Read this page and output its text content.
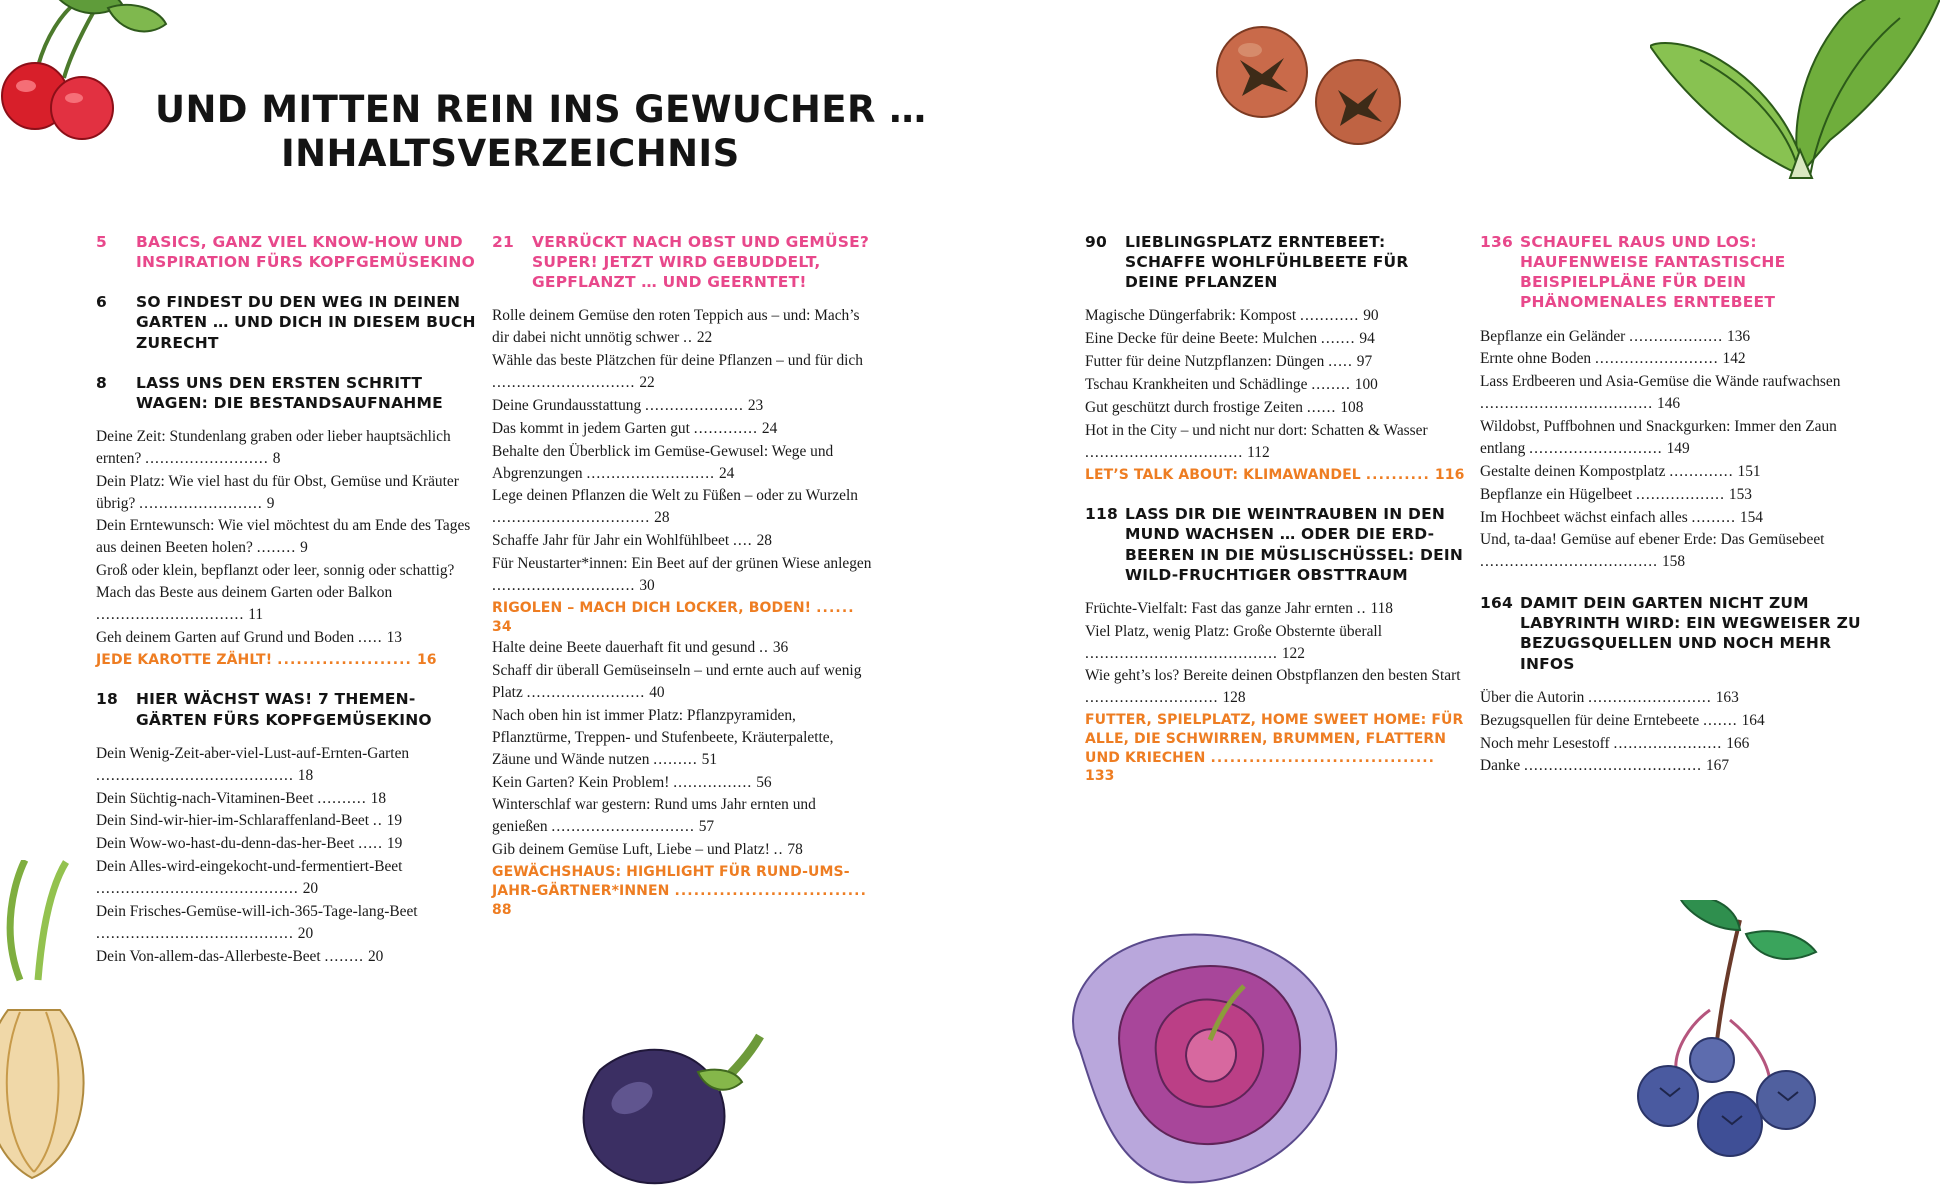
UND MITTEN REIN INS GEWUCHER …
INHALTSVERZEICHNIS
5	BASICS, GANZ VIEL KNOW-HOW UND INSPIRATION FÜRS KOPFGEMÜSEKINO
6	SO FINDEST DU DEN WEG IN DEINEN GARTEN … UND DICH IN DIESEM BUCH ZURECHT
8	LASS UNS DEN ERSTEN SCHRITT WAGEN: DIE BESTANDSAUFNAHME
Deine Zeit: Stundenlang graben oder lieber hauptsächlich ernten? ......................... 8
Dein Platz: Wie viel hast du für Obst, Gemüse und Kräuter übrig? ......................... 9
Dein Erntewunsch: Wie viel möchtest du am Ende des Tages aus deinen Beeten holen? ........ 9
Groß oder klein, bepflanzt oder leer, sonnig oder schattig? Mach das Beste aus deinem Garten oder Balkon .............................. 11
Geh deinem Garten auf Grund und Boden ..... 13
JEDE KAROTTE ZÄHLT! ..................... 16
18	HIER WÄCHST WAS! 7 THEMEN-GÄRTEN FÜRS KOPFGEMÜSEKINO
Dein Wenig-Zeit-aber-viel-Lust-auf-Ernten-Garten ........................................ 18
Dein Süchtig-nach-Vitaminen-Beet .......... 18
Dein Sind-wir-hier-im-Schlaraffenland-Beet .. 19
Dein Wow-wo-hast-du-denn-das-her-Beet ..... 19
Dein Alles-wird-eingekocht-und-fermentiert-Beet ......................................... 20
Dein Frisches-Gemüse-will-ich-365-Tage-lang-Beet ........................................ 20
Dein Von-allem-das-Allerbeste-Beet ........ 20
21	VERRÜCKT NACH OBST UND GEMÜSE? SUPER! JETZT WIRD GEBUDDELT, GEPFLANZT … UND GEERNTET!
Rolle deinem Gemüse den roten Teppich aus – und: Mach’s dir dabei nicht unnötig schwer .. 22
Wähle das beste Plätzchen für deine Pflanzen – und für dich ............................. 22
Deine Grundausstattung .................... 23
Das kommt in jedem Garten gut ............. 24
Behalte den Überblick im Gemüse-Gewusel: Wege und Abgrenzungen .......................... 24
Lege deinen Pflanzen die Welt zu Füßen – oder zu Wurzeln ................................ 28
Schaffe Jahr für Jahr ein Wohlfühlbeet .... 28
Für Neustarter*innen: Ein Beet auf der grünen Wiese anlegen ............................. 30
RIGOLEN – MACH DICH LOCKER, BODEN! ...... 34
Halte deine Beete dauerhaft fit und gesund .. 36
Schaff dir überall Gemüseinseln – und ernte auch auf wenig Platz ........................ 40
Nach oben hin ist immer Platz: Pflanzpyramiden, Pflanztürme, Treppen- und Stufenbeete, Kräuterpalette, Zäune und Wände nutzen ......... 51
Kein Garten? Kein Problem! ................ 56
Winterschlaf war gestern: Rund ums Jahr ernten und genießen ............................. 57
Gib deinem Gemüse Luft, Liebe – und Platz! .. 78
GEWÄCHSHAUS: HIGHLIGHT FÜR RUND-UMS-JAHR-GÄRTNER*INNEN .............................. 88
90	LIEBLINGSPLATZ ERNTEBEET: SCHAFFE WOHLFÜHLBEETE FÜR DEINE PFLANZEN
Magische Düngerfabrik: Kompost ............ 90
Eine Decke für deine Beete: Mulchen ....... 94
Futter für deine Nutzpflanzen: Düngen ..... 97
Tschau Krankheiten und Schädlinge ........ 100
Gut geschützt durch frostige Zeiten ...... 108
Hot in the City – und nicht nur dort: Schatten & Wasser ................................ 112
LET’S TALK ABOUT: KLIMAWANDEL .......... 116
118 LASS DIR DIE WEINTRAUBEN IN DEN MUND WACHSEN … ODER DIE ERD-BEEREN IN DIE MÜSLISCHÜSSEL: DEIN WILD-FRUCHTIGER OBSTTRAUM
Früchte-Vielfalt: Fast das ganze Jahr ernten .. 118
Viel Platz, wenig Platz: Große Obsternte überall ....................................... 122
Wie geht’s los? Bereite deinen Obstpflanzen den besten Start ........................... 128
FUTTER, SPIELPLATZ, HOME SWEET HOME: FÜR ALLE, DIE SCHWIRREN, BRUMMEN, FLATTERN UND KRIECHEN ................................... 133
136 SCHAUFEL RAUS UND LOS: HAUFENWEISE FANTASTISCHE BEISPIELPLÄNE FÜR DEIN PHÄNOMENALES ERNTEBEET
Bepflanze ein Geländer ................... 136
Ernte ohne Boden ......................... 142
Lass Erdbeeren und Asia-Gemüse die Wände raufwachsen ................................... 146
Wildobst, Puffbohnen und Snackgurken: Immer den Zaun entlang ........................... 149
Gestalte deinen Kompostplatz ............. 151
Bepflanze ein Hügelbeet .................. 153
Im Hochbeet wächst einfach alles ......... 154
Und, ta-daa! Gemüse auf ebener Erde: Das Gemüsebeet .................................... 158
164 DAMIT DEIN GARTEN NICHT ZUM LABYRINTH WIRD: EIN WEGWEISER ZU BEZUGSQUELLEN UND NOCH MEHR INFOS
Über die Autorin ......................... 163
Bezugsquellen für deine Erntebeete ....... 164
Noch mehr Lesestoff ...................... 166
Danke .................................... 167
